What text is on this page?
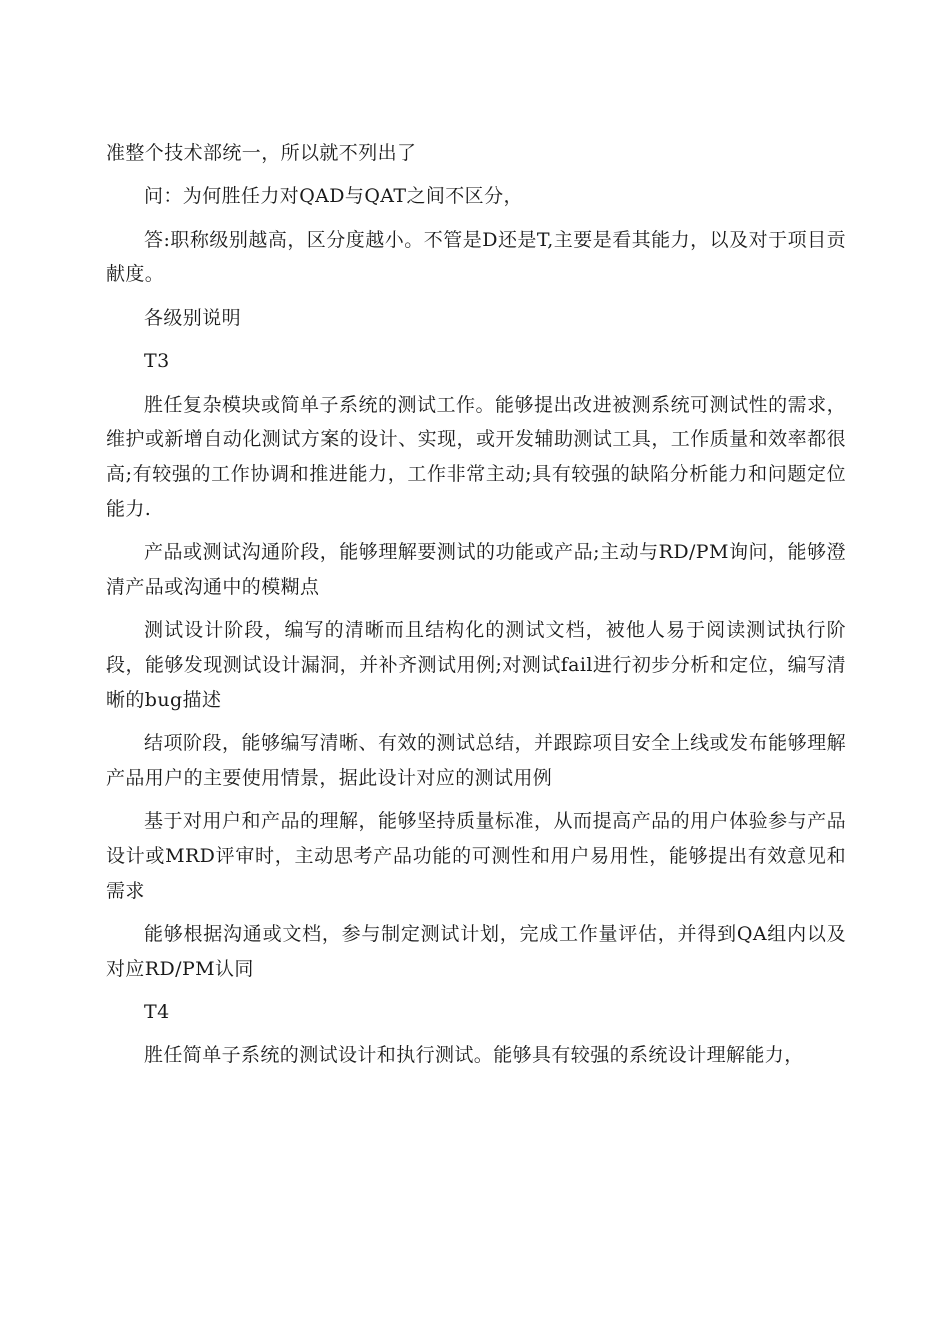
准整个技术部统一，所以就不列出了

问：为何胜任力对QAD与QAT之间不区分，

答:职称级别越高，区分度越小。不管是D还是T,主要是看其能力，以及对于项目贡献度。

各级别说明

T3

胜任复杂模块或简单子系统的测试工作。能够提出改进被测系统可测试性的需求，维护或新增自动化测试方案的设计、实现，或开发辅助测试工具，工作质量和效率都很高;有较强的工作协调和推进能力，工作非常主动;具有较强的缺陷分析能力和问题定位能力.

产品或测试沟通阶段，能够理解要测试的功能或产品;主动与RD/PM询问，能够澄清产品或沟通中的模糊点

测试设计阶段，编写的清晰而且结构化的测试文档，被他人易于阅读测试执行阶段，能够发现测试设计漏洞，并补齐测试用例;对测试fail进行初步分析和定位，编写清晰的bug描述

结项阶段，能够编写清晰、有效的测试总结，并跟踪项目安全上线或发布能够理解产品用户的主要使用情景，据此设计对应的测试用例

基于对用户和产品的理解，能够坚持质量标准，从而提高产品的用户体验参与产品设计或MRD评审时，主动思考产品功能的可测性和用户易用性，能够提出有效意见和需求

能够根据沟通或文档，参与制定测试计划，完成工作量评估，并得到QA组内以及对应RD/PM认同

T4

胜任简单子系统的测试设计和执行测试。能够具有较强的系统设计理解能力，
